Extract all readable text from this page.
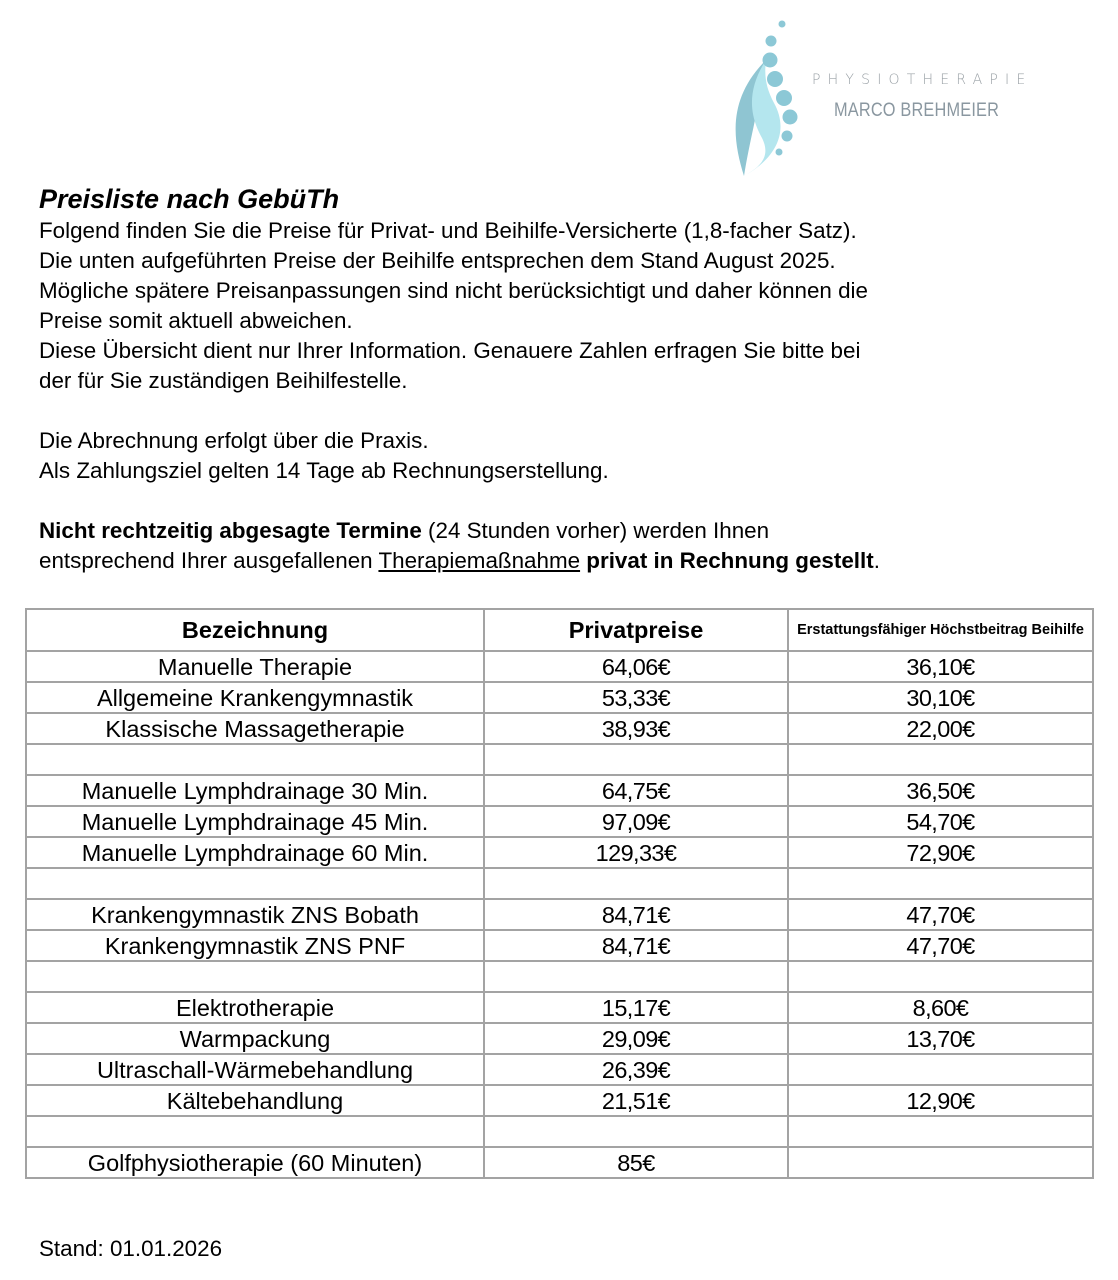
PHYSIOTHERAPIE
MARCO BREHMEIER
Preisliste nach GebüTh

Folgend finden Sie die Preise für Privat- und Beihilfe-Versicherte (1,8-facher Satz).

Die unten aufgeführten Preise der Beihilfe entsprechen dem Stand August 2025.

Mögliche spätere Preisanpassungen sind nicht berücksichtigt und daher können die

Preise somit aktuell abweichen.

Diese Übersicht dient nur Ihrer Information. Genauere Zahlen erfragen Sie bitte bei

der für Sie zuständigen Beihilfestelle.

Die Abrechnung erfolgt über die Praxis.

Als Zahlungsziel gelten 14 Tage ab Rechnungserstellung.

Nicht rechtzeitig abgesagte Termine (24 Stunden vorher) werden Ihnen

entsprechend Ihrer ausgefallenen Therapiemaßnahme privat in Rechnung gestellt.

Bezeichnung	Privatpreise	Erstattungsfähiger Höchstbeitrag Beihilfe
Manuelle Therapie	64,06€	36,10€
Allgemeine Krankengymnastik	53,33€	30,10€
Klassische Massagetherapie	38,93€	22,00€

Manuelle Lymphdrainage 30 Min.	64,75€	36,50€
Manuelle Lymphdrainage 45 Min.	97,09€	54,70€
Manuelle Lymphdrainage 60 Min.	129,33€	72,90€

Krankengymnastik ZNS Bobath	84,71€	47,70€
Krankengymnastik ZNS PNF	84,71€	47,70€

Elektrotherapie	15,17€	8,60€
Warmpackung	29,09€	13,70€
Ultraschall-Wärmebehandlung	26,39€	
Kältebehandlung	21,51€	12,90€

Golfphysiotherapie (60 Minuten)	85€	
Stand: 01.01.2026
